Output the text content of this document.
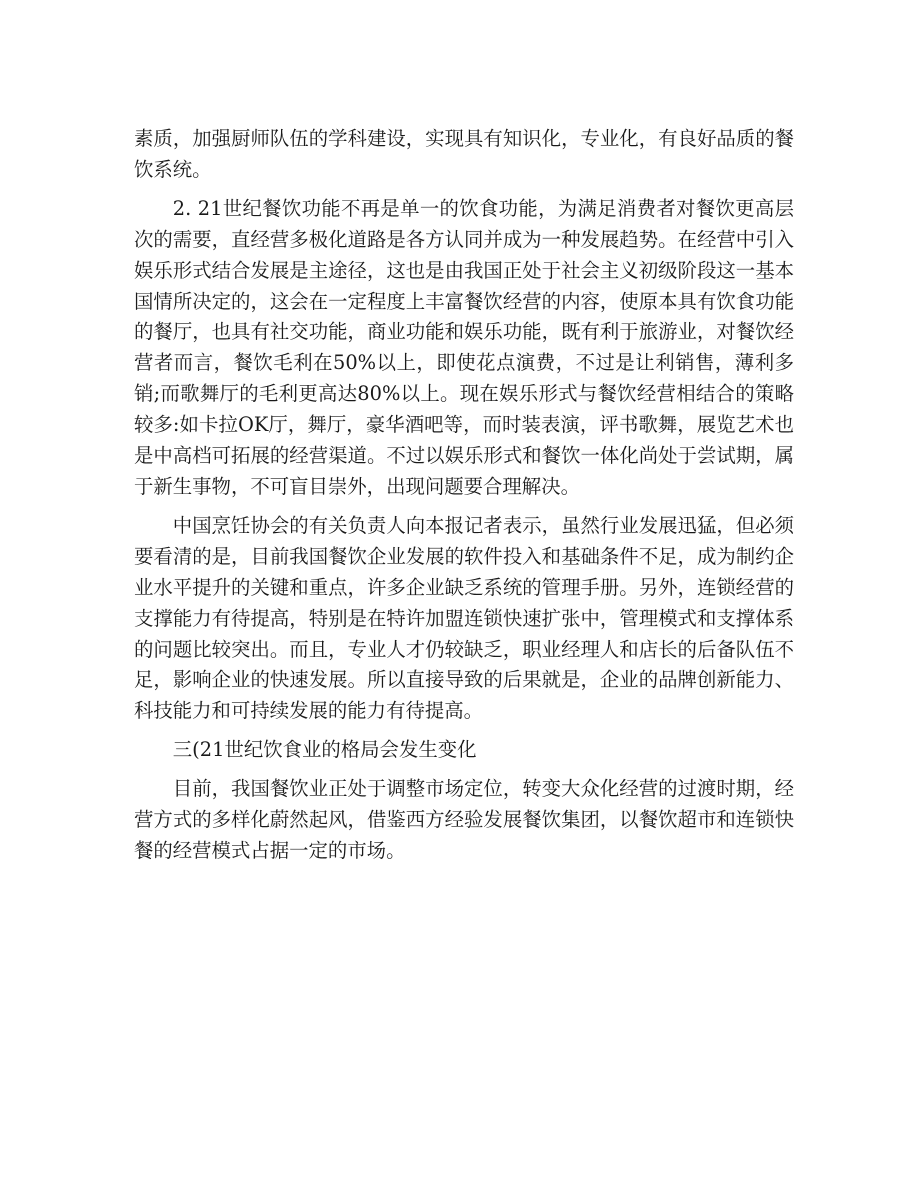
素质，加强厨师队伍的学科建设，实现具有知识化，专业化，有良好品质的餐饮系统。

2. 21世纪餐饮功能不再是单一的饮食功能，为满足消费者对餐饮更高层次的需要，直经营多极化道路是各方认同并成为一种发展趋势。在经营中引入娱乐形式结合发展是主途径，这也是由我国正处于社会主义初级阶段这一基本国情所决定的，这会在一定程度上丰富餐饮经营的内容，使原本具有饮食功能的餐厅，也具有社交功能，商业功能和娱乐功能，既有利于旅游业，对餐饮经营者而言，餐饮毛利在50%以上，即使花点演费，不过是让利销售，薄利多销;而歌舞厅的毛利更高达80%以上。现在娱乐形式与餐饮经营相结合的策略较多:如卡拉OK厅，舞厅，豪华酒吧等，而时装表演，评书歌舞，展览艺术也是中高档可拓展的经营渠道。不过以娱乐形式和餐饮一体化尚处于尝试期，属于新生事物，不可盲目崇外，出现问题要合理解决。

中国烹饪协会的有关负责人向本报记者表示，虽然行业发展迅猛，但必须要看清的是，目前我国餐饮企业发展的软件投入和基础条件不足，成为制约企业水平提升的关键和重点，许多企业缺乏系统的管理手册。另外，连锁经营的支撑能力有待提高，特别是在特许加盟连锁快速扩张中，管理模式和支撑体系的问题比较突出。而且，专业人才仍较缺乏，职业经理人和店长的后备队伍不足，影响企业的快速发展。所以直接导致的后果就是，企业的品牌创新能力、科技能力和可持续发展的能力有待提高。

三(21世纪饮食业的格局会发生变化

目前，我国餐饮业正处于调整市场定位，转变大众化经营的过渡时期，经营方式的多样化蔚然起风，借鉴西方经验发展餐饮集团，以餐饮超市和连锁快餐的经营模式占据一定的市场。
